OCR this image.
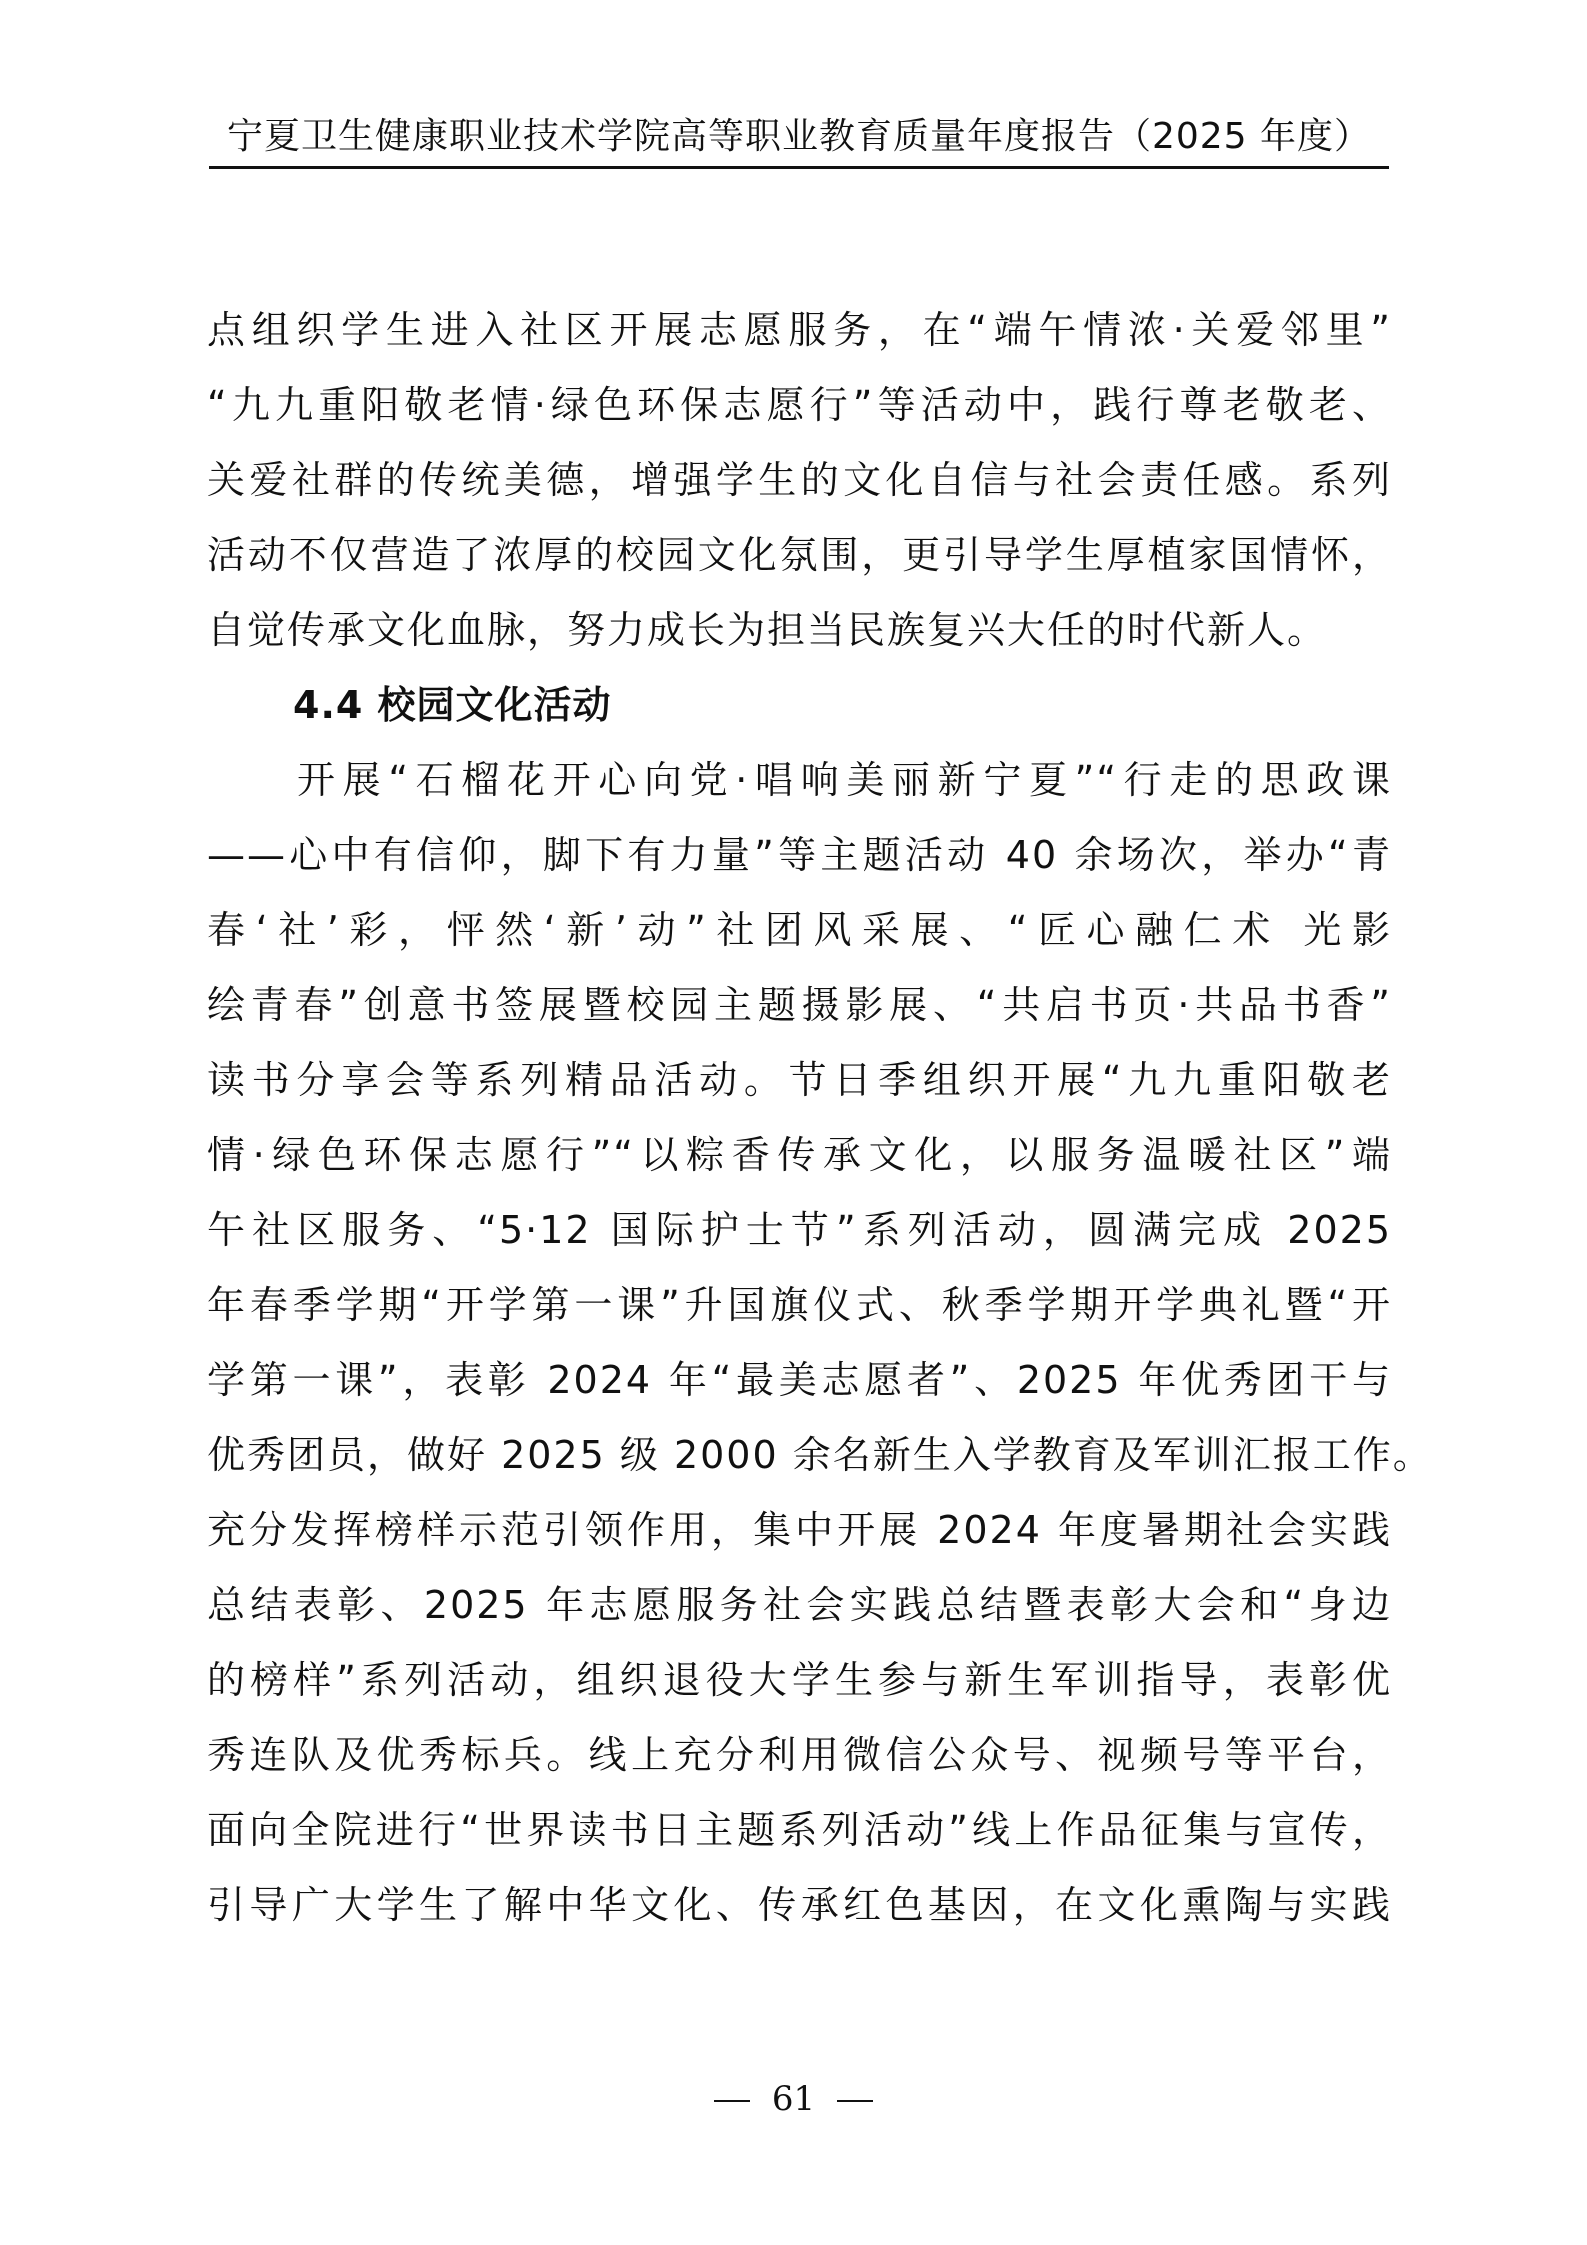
宁夏卫生健康职业技术学院高等职业教育质量年度报告（2025 年度）
点组织学生进入社区开展志愿服务，在“端午情浓·关爱邻里”
“九九重阳敬老情·绿色环保志愿行”等活动中，践行尊老敬老、
关爱社群的传统美德，增强学生的文化自信与社会责任感。系列
活动不仅营造了浓厚的校园文化氛围，更引导学生厚植家国情怀，
自觉传承文化血脉，努力成长为担当民族复兴大任的时代新人。
4.4 校园文化活动
开展“石榴花开心向党·唱响美丽新宁夏”“行走的思政课
——心中有信仰，脚下有力量”等主题活动 40 余场次，举办“青
春‘社’彩，怦然‘新’动”社团风采展、“匠心融仁术 光影
绘青春”创意书签展暨校园主题摄影展、“共启书页·共品书香”
读书分享会等系列精品活动。节日季组织开展“九九重阳敬老
情·绿色环保志愿行”“以粽香传承文化，以服务温暖社区”端
午社区服务、“5·12 国际护士节”系列活动，圆满完成 2025
年春季学期“开学第一课”升国旗仪式、秋季学期开学典礼暨“开
学第一课”，表彰 2024 年“最美志愿者”、2025 年优秀团干与
优秀团员，做好 2025 级 2000 余名新生入学教育及军训汇报工作。
充分发挥榜样示范引领作用，集中开展 2024 年度暑期社会实践
总结表彰、2025 年志愿服务社会实践总结暨表彰大会和“身边
的榜样”系列活动，组织退役大学生参与新生军训指导，表彰优
秀连队及优秀标兵。线上充分利用微信公众号、视频号等平台，
面向全院进行“世界读书日主题系列活动”线上作品征集与宣传，
引导广大学生了解中华文化、传承红色基因，在文化熏陶与实践
61
